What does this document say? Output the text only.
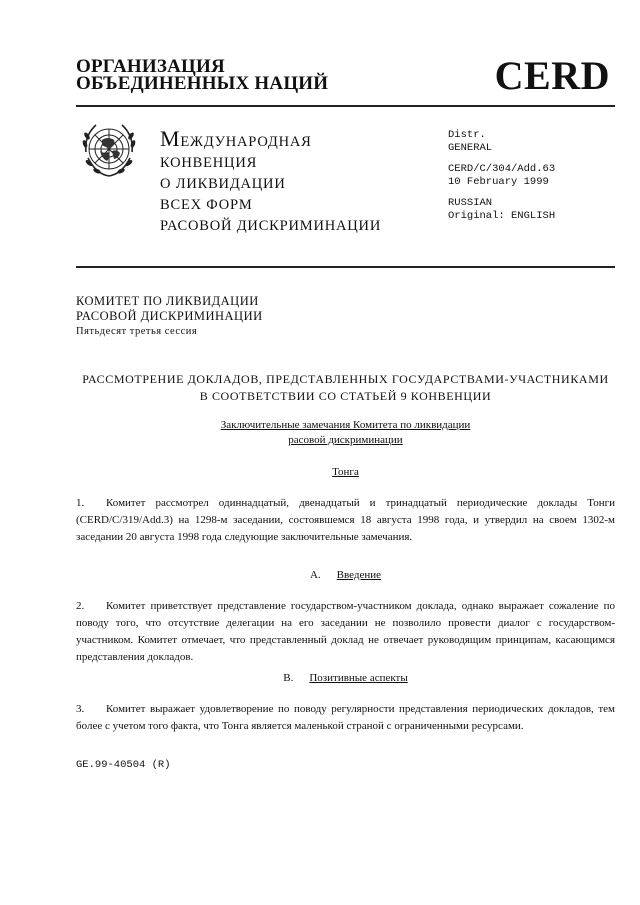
ОРГАНИЗАЦИЯ
ОБЪЕДИНЕННЫХ НАЦИЙ	CERD
МЕЖДУНАРОДНАЯ
КОНВЕНЦИЯ
О ЛИКВИДАЦИИ
ВСЕХ ФОРМ
РАСОВОЙ ДИСКРИМИНАЦИИ
Distr.
GENERAL
CERD/C/304/Add.63
10 February 1999
RUSSIAN
Original: ENGLISH
КОМИТЕТ ПО ЛИКВИДАЦИИ
РАСОВОЙ ДИСКРИМИНАЦИИ
Пятьдесят третья сессия
РАССМОТРЕНИЕ ДОКЛАДОВ, ПРЕДСТАВЛЕННЫХ ГОСУДАРСТВАМИ-УЧАСТНИКАМИ
В СООТВЕТСТВИИ СО СТАТЬЕЙ 9 КОНВЕНЦИИ
Заключительные замечания Комитета по ликвидации
расовой дискриминации
Тонга
1. Комитет рассмотрел одиннадцатый, двенадцатый и тринадцатый периодические доклады Тонги (CERD/C/319/Add.3) на 1298-м заседании, состоявшемся 18 августа 1998 года, и утвердил на своем 1302-м заседании 20 августа 1998 года следующие заключительные замечания.
A. Введение
2. Комитет приветствует представление государством-участником доклада, однако выражает сожаление по поводу того, что отсутствие делегации на его заседании не позволило провести диалог с государством-участником. Комитет отмечает, что представленный доклад не отвечает руководящим принципам, касающимся представления докладов.
B. Позитивные аспекты
3. Комитет выражает удовлетворение по поводу регулярности представления периодических докладов, тем более с учетом того факта, что Тонга является маленькой страной с ограниченными ресурсами.
GE.99-40504 (R)
